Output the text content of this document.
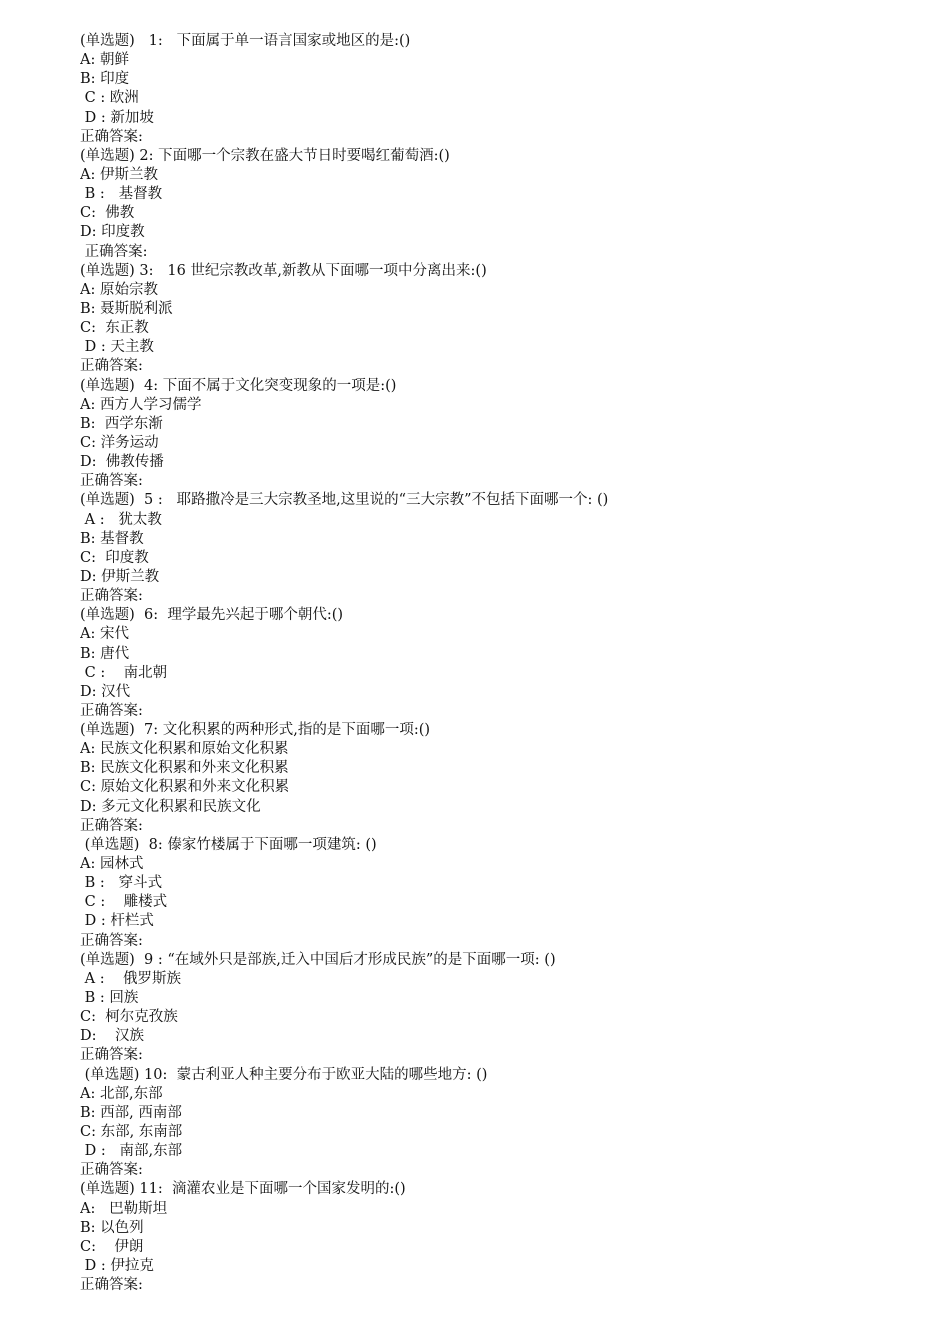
(单选题)   1:   下面属于单一语言国家或地区的是:()
A: 朝鲜
B: 印度
C : 欧洲
D : 新加坡
正确答案:
(单选题) 2: 下面哪一个宗教在盛大节日时要喝红葡萄酒:()
A: 伊斯兰教
B :   基督教
C:  佛教
D: 印度教
正确答案:
(单选题) 3:   16 世纪宗教改革,新教从下面哪一项中分离出来:()
A: 原始宗教
B: 聂斯脱利派
C:  东正教
D : 天主教
正确答案:
(单选题)  4: 下面不属于文化突变现象的一项是:()
A: 西方人学习儒学
B:  西学东渐
C: 洋务运动
D:  佛教传播
正确答案:
(单选题)  5 :   耶路撒冷是三大宗教圣地,这里说的“三大宗教”不包括下面哪一个: ()
A :   犹太教
B: 基督教
C:  印度教
D: 伊斯兰教
正确答案:
(单选题)  6:  理学最先兴起于哪个朝代:()
A: 宋代
B: 唐代
C :    南北朝
D: 汉代
正确答案:
(单选题)  7: 文化积累的两种形式,指的是下面哪一项:()
A: 民族文化积累和原始文化积累
B: 民族文化积累和外来文化积累
C: 原始文化积累和外来文化积累
D: 多元文化积累和民族文化
正确答案:
(单选题)  8: 傣家竹楼属于下面哪一项建筑: ()
A: 园林式
B :   穿斗式
C :    雕楼式
D : 杆栏式
正确答案:
(单选题)  9 : “在域外只是部族,迁入中国后才形成民族”的是下面哪一项: ()
A :    俄罗斯族
B : 回族
C:  柯尔克孜族
D:    汉族
正确答案:
(单选题) 10:  蒙古利亚人种主要分布于欧亚大陆的哪些地方: ()
A: 北部,东部
B: 西部, 西南部
C: 东部, 东南部
D :   南部,东部
正确答案:
(单选题) 11:  滴灌农业是下面哪一个国家发明的:()
A:   巴勒斯坦
B: 以色列
C:    伊朗
D : 伊拉克
正确答案:
